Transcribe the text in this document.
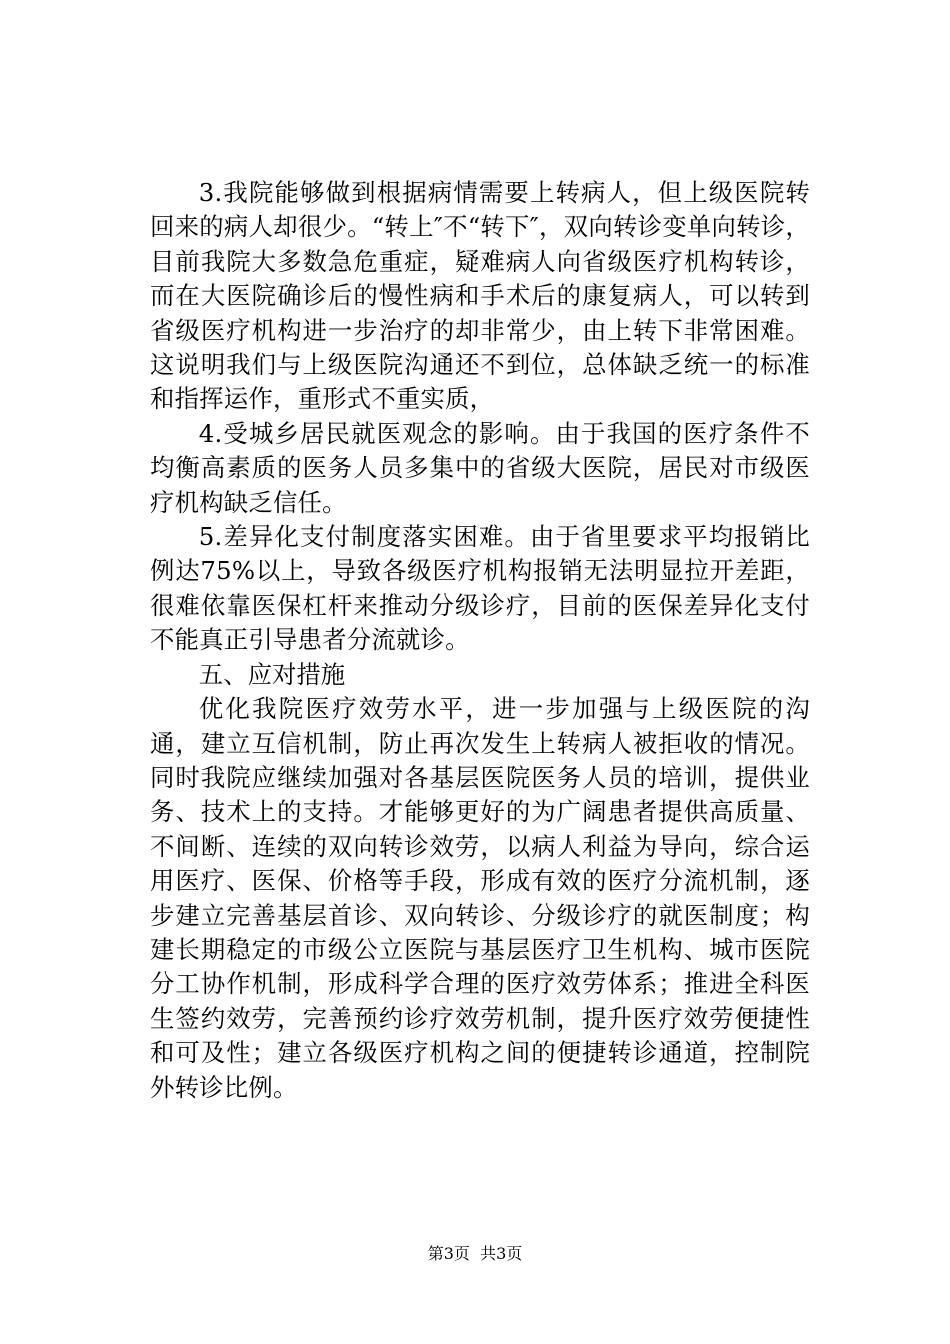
3.我院能够做到根据病情需要上转病人，但上级医院转回来的病人却很少。“转上″不“转下″，双向转诊变单向转诊，目前我院大多数急危重症，疑难病人向省级医疗机构转诊，而在大医院确诊后的慢性病和手术后的康复病人，可以转到省级医疗机构进一步治疗的却非常少，由上转下非常困难。这说明我们与上级医院沟通还不到位，总体缺乏统一的标准和指挥运作，重形式不重实质，

4.受城乡居民就医观念的影响。由于我国的医疗条件不均衡高素质的医务人员多集中的省级大医院，居民对市级医疗机构缺乏信任。

5.差异化支付制度落实困难。由于省里要求平均报销比例达75%以上，导致各级医疗机构报销无法明显拉开差距，很难依靠医保杠杆来推动分级诊疗，目前的医保差异化支付不能真正引导患者分流就诊。

五、应对措施

优化我院医疗效劳水平，进一步加强与上级医院的沟通，建立互信机制，防止再次发生上转病人被拒收的情况。同时我院应继续加强对各基层医院医务人员的培训，提供业务、技术上的支持。才能够更好的为广阔患者提供高质量、不间断、连续的双向转诊效劳，以病人利益为导向，综合运用医疗、医保、价格等手段，形成有效的医疗分流机制，逐步建立完善基层首诊、双向转诊、分级诊疗的就医制度；构建长期稳定的市级公立医院与基层医疗卫生机构、城市医院分工协作机制，形成科学合理的医疗效劳体系；推进全科医生签约效劳，完善预约诊疗效劳机制，提升医疗效劳便捷性和可及性；建立各级医疗机构之间的便捷转诊通道，控制院外转诊比例。

第3页  共3页
